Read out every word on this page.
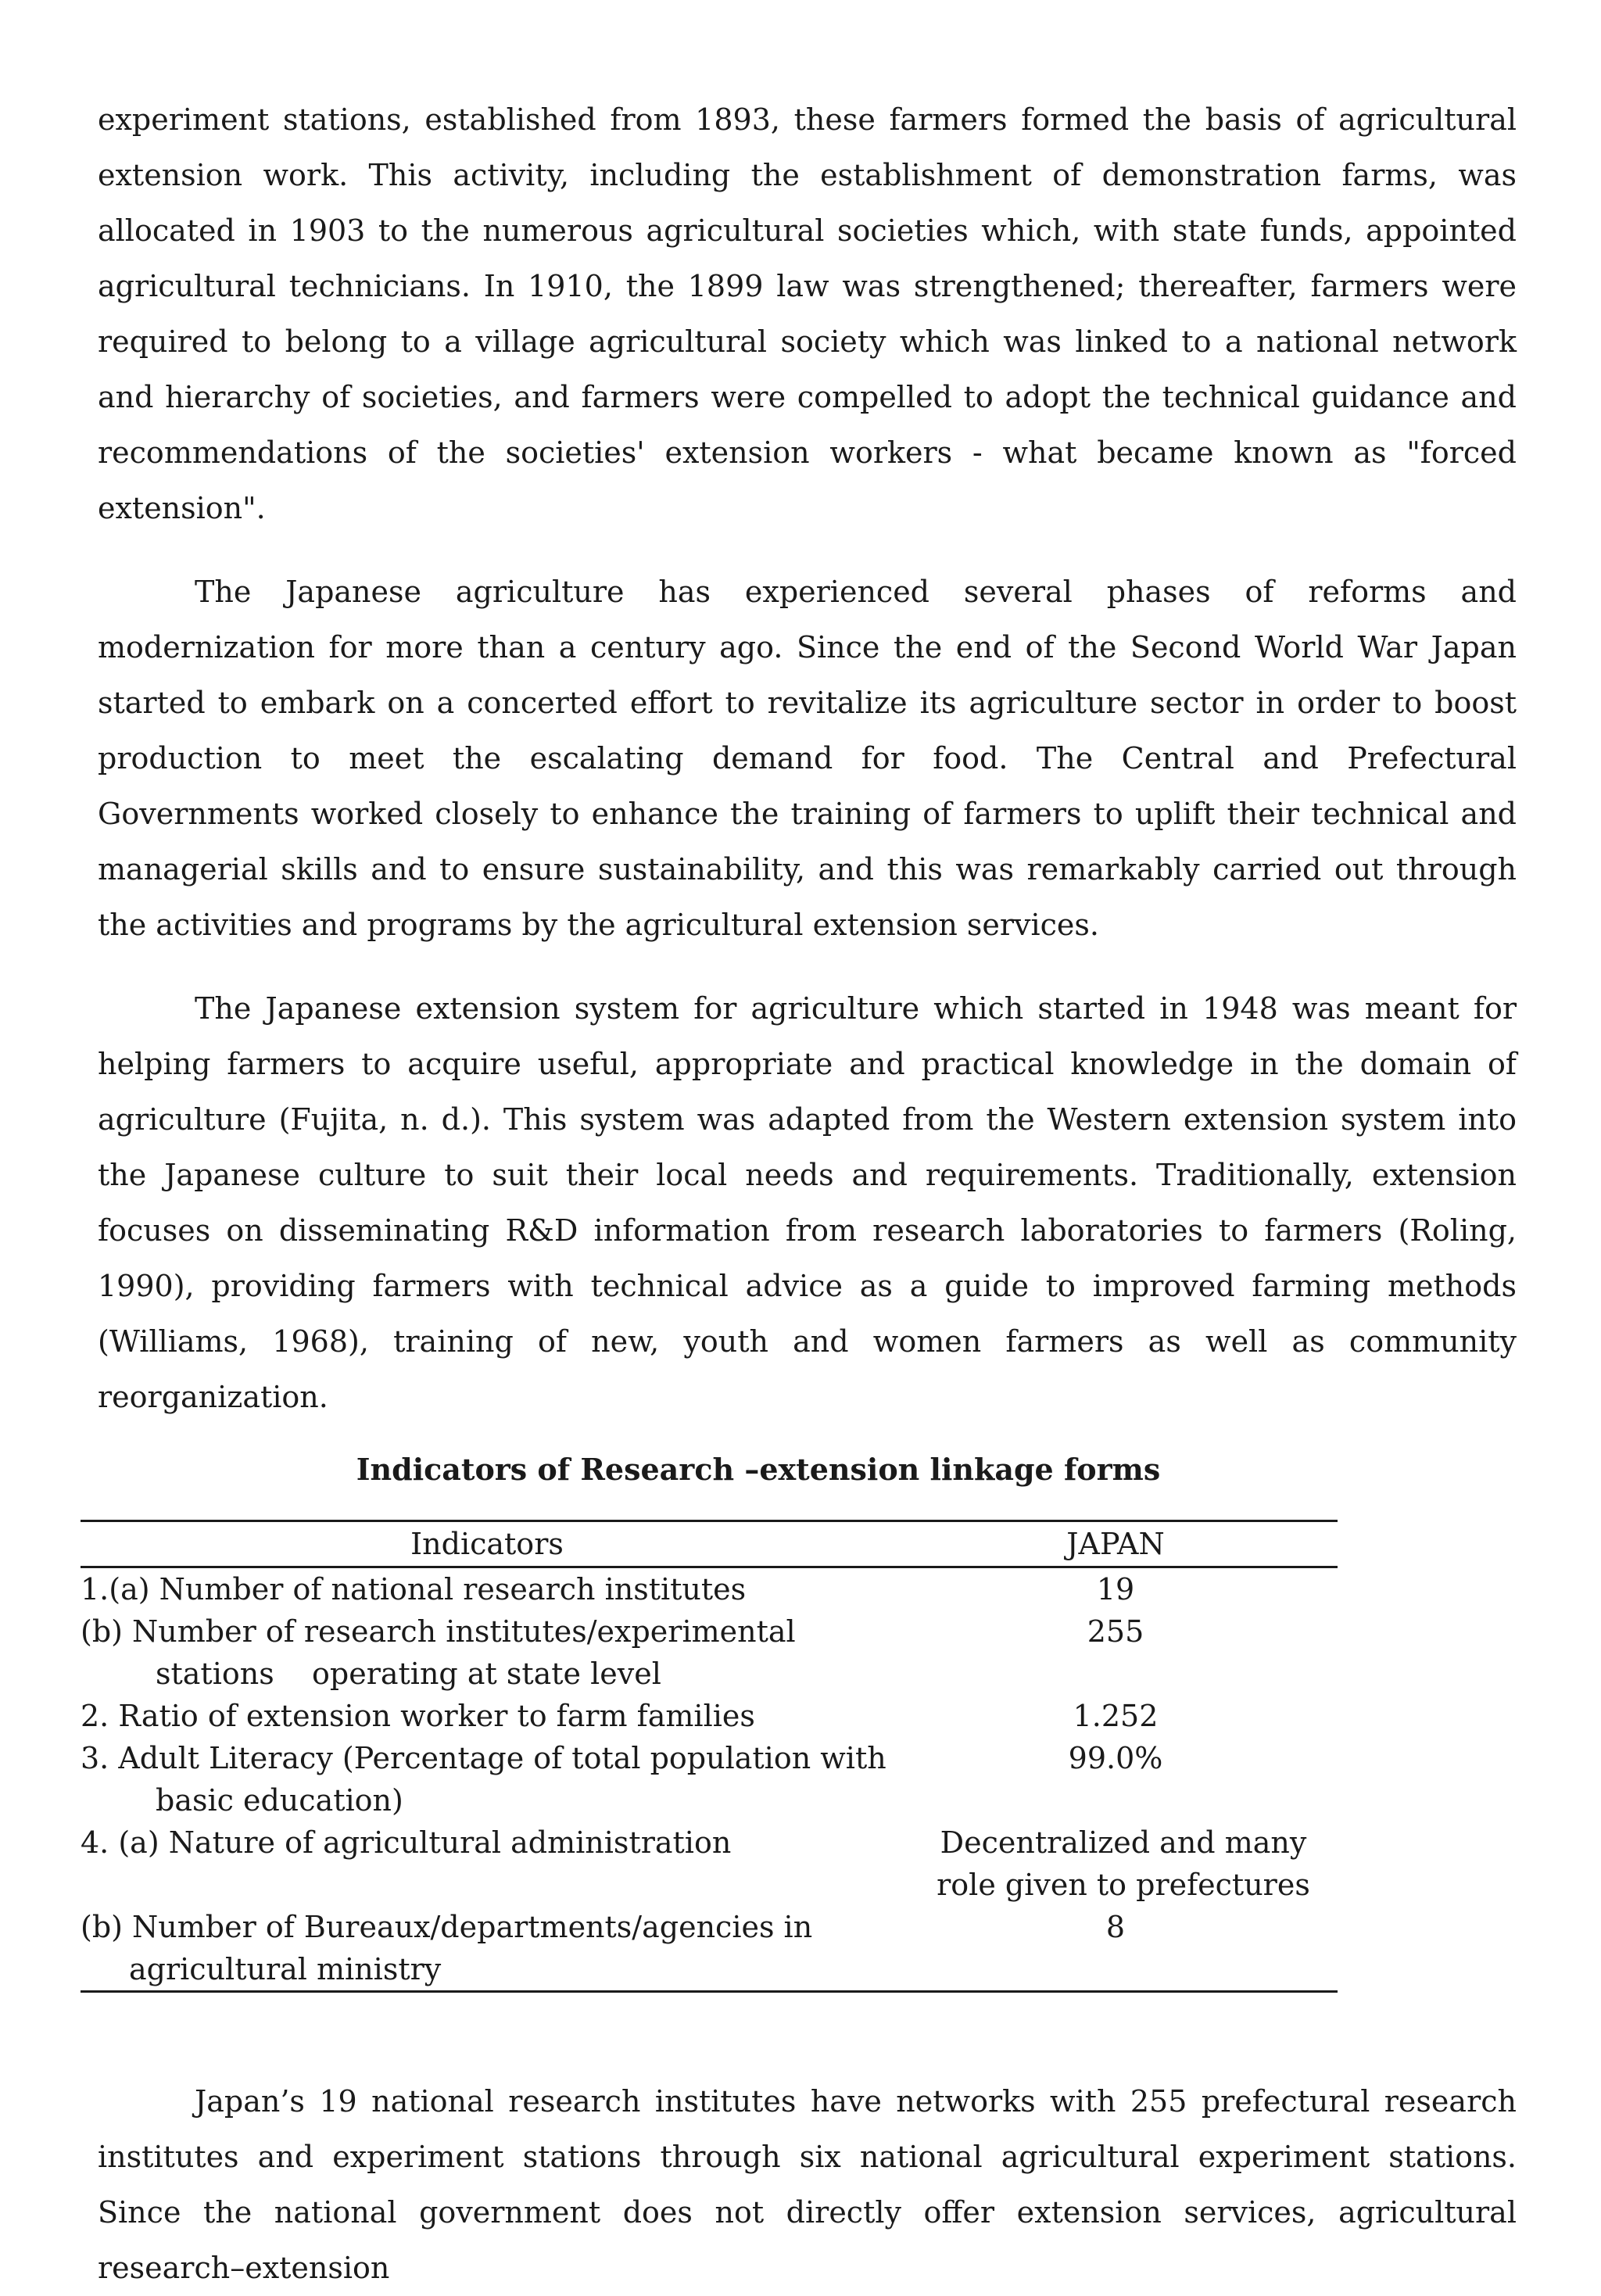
experiment stations, established from 1893, these farmers formed the basis of agricultural extension work. This activity, including the establishment of demonstration farms, was allocated in 1903 to the numerous agricultural societies which, with state funds, appointed agricultural technicians. In 1910, the 1899 law was strengthened; thereafter, farmers were required to belong to a village agricultural society which was linked to a national network and hierarchy of societies, and farmers were compelled to adopt the technical guidance and recommendations of the societies' extension workers - what became known as "forced extension".

The Japanese agriculture has experienced several phases of reforms and modernization for more than a century ago. Since the end of the Second World War Japan started to embark on a concerted effort to revitalize its agriculture sector in order to boost production to meet the escalating demand for food. The Central and Prefectural Governments worked closely to enhance the training of farmers to uplift their technical and managerial skills and to ensure sustainability, and this was remarkably carried out through the activities and programs by the agricultural extension services.

The Japanese extension system for agriculture which started in 1948 was meant for helping farmers to acquire useful, appropriate and practical knowledge in the domain of agriculture (Fujita, n. d.). This system was adapted from the Western extension system into the Japanese culture to suit their local needs and requirements. Traditionally, extension focuses on disseminating R&D information from research laboratories to farmers (Roling, 1990), providing farmers with technical advice as a guide to improved farming methods (Williams, 1968), training of new, youth and women farmers as well as community reorganization.

Indicators of Research –extension linkage forms
Indicators	JAPAN
1.(a) Number of national research institutes	19
(b) Number of research institutes/experimental
stations    operating at state level	255
2. Ratio of extension worker to farm families	1.252
3. Adult Literacy (Percentage of total population with
basic education)	99.0%
4. (a) Nature of agricultural administration	Decentralized and many role given to prefectures
(b) Number of Bureaux/departments/agencies in
agricultural ministry	8

Japan’s 19 national research institutes have networks with 255 prefectural research institutes and experiment stations through six national agricultural experiment stations. Since the national government does not directly offer extension services, agricultural research–extension
